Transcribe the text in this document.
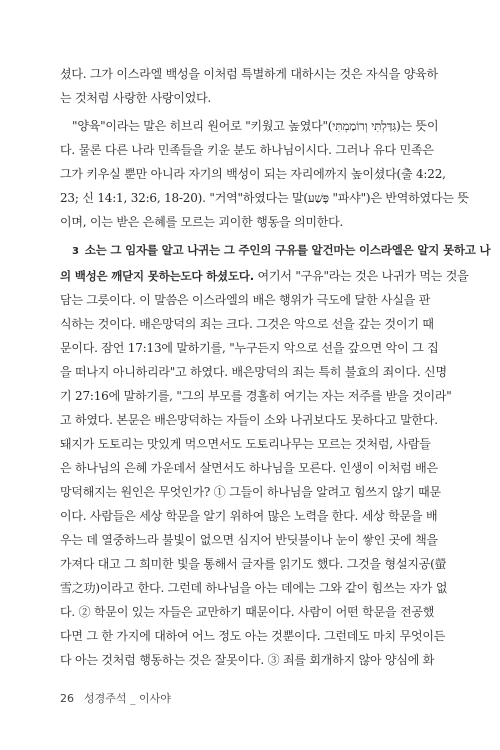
셨다. 그가 이스라엘 백성을 이처럼 특별하게 대하시는 것은 자식을 양육하

는 것처럼 사랑한 사랑이었다.

"양육"이라는 말은 히브리 원어로 "키웠고 높였다"(גִּדַּלְתִּי וְרוֹמַמְתִּי)는 뜻이

다. 물론 다른 나라 민족들을 키운 분도 하나님이시다. 그러나 유다 민족은

그가 키우실 뿐만 아니라 자기의 백성이 되는 자리에까지 높이셨다(출 4:22,

23; 신 14:1, 32:6, 18-20). "거역"하였다는 말(פָּשַׁע "파샤")은 반역하였다는 뜻

이며, 이는 받은 은혜를 모르는 괴이한 행동을 의미한다.

3 소는 그 임자를 알고 나귀는 그 주인의 구유를 알건마는 이스라엘은 알지 못하고 나

의 백성은 깨닫지 못하는도다 하셨도다. 여기서 "구유"라는 것은 나귀가 먹는 것을

담는 그릇이다. 이 말씀은 이스라엘의 배은 행위가 극도에 달한 사실을 판

식하는 것이다. 배은망덕의 죄는 크다. 그것은 악으로 선을 갚는 것이기 때

문이다. 잠언 17:13에 말하기를, "누구든지 악으로 선을 갚으면 악이 그 집

을 떠나지 아니하리라"고 하였다. 배은망덕의 죄는 특히 불효의 죄이다. 신명

기 27:16에 말하기를, "그의 부모를 경홀히 여기는 자는 저주를 받을 것이라"

고 하였다. 본문은 배은망덕하는 자들이 소와 나귀보다도 못하다고 말한다.

돼지가 도토리는 맛있게 먹으면서도 도토리나무는 모르는 것처럼, 사람들

은 하나님의 은혜 가운데서 살면서도 하나님을 모른다. 인생이 이처럼 배은

망덕해지는 원인은 무엇인가? ① 그들이 하나님을 알려고 힘쓰지 않기 때문

이다. 사람들은 세상 학문을 알기 위하여 많은 노력을 한다. 세상 학문을 배

우는 데 열중하느라 불빛이 없으면 심지어 반딧불이나 눈이 쌓인 곳에 책을

가져다 대고 그 희미한 빛을 통해서 글자를 읽기도 했다. 그것을 형설지공(螢

雪之功)이라고 한다. 그런데 하나님을 아는 데에는 그와 같이 힘쓰는 자가 없

다. ② 학문이 있는 자들은 교만하기 때문이다. 사람이 어떤 학문을 전공했

다면 그 한 가지에 대하여 어느 정도 아는 것뿐이다. 그런데도 마치 무엇이든

다 아는 것처럼 행동하는 것은 잘못이다. ③ 죄를 회개하지 않아 양심에 화

26 성경주석 _ 이사야
